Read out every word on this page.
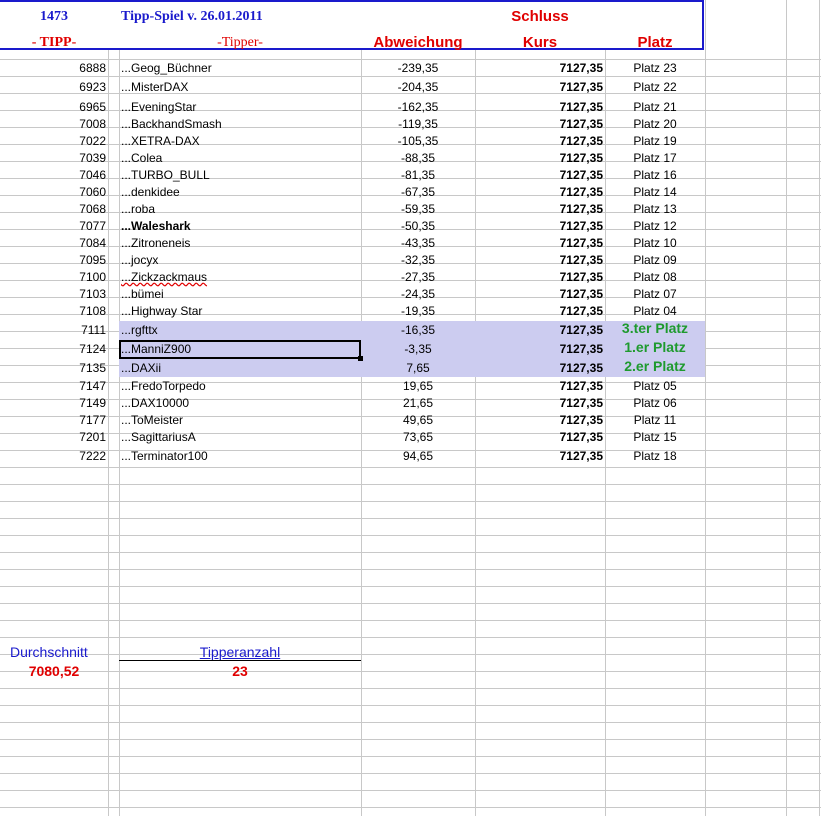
1473	Tipp-Spiel v. 26.01.2011	Schluss
- TIPP-	-Tipper-	Abweichung	Kurs	Platz
6888 ...Geog_Büchner	-239,35	7127,35	Platz 23
6923 ...MisterDAX	-204,35	7127,35	Platz 22
6965 ...EveningStar	-162,35	7127,35	Platz 21
7008 ...BackhandSmash	-119,35	7127,35	Platz 20
7022 ...XETRA-DAX	-105,35	7127,35	Platz 19
7039 ...Colea	-88,35	7127,35	Platz 17
7046 ...TURBO_BULL	-81,35	7127,35	Platz 16
7060 ...denkidee	-67,35	7127,35	Platz 14
7068 ...roba	-59,35	7127,35	Platz 13
7077 ...Waleshark	-50,35	7127,35	Platz 12
7084 ...Zitroneneis	-43,35	7127,35	Platz 10
7095 ...jocyx	-32,35	7127,35	Platz 09
7100 ...Zickzackmaus	-27,35	7127,35	Platz 08
7103 ...bümei	-24,35	7127,35	Platz 07
7108 ...Highway Star	-19,35	7127,35	Platz 04
7111 ...rgfttx	-16,35	7127,35	3.ter Platz
7124 ...ManniZ900	-3,35	7127,35	1.er Platz
7135 ...DAXii	7,65	7127,35	2.er Platz
7147 ...FredoTorpedo	19,65	7127,35	Platz 05
7149 ...DAX10000	21,65	7127,35	Platz 06
7177 ...ToMeister	49,65	7127,35	Platz 11
7201 ...SagittariusA	73,65	7127,35	Platz 15
7222 ...Terminator100	94,65	7127,35	Platz 18
Durchschnitt
7080,52
Tipperanzahl
23
